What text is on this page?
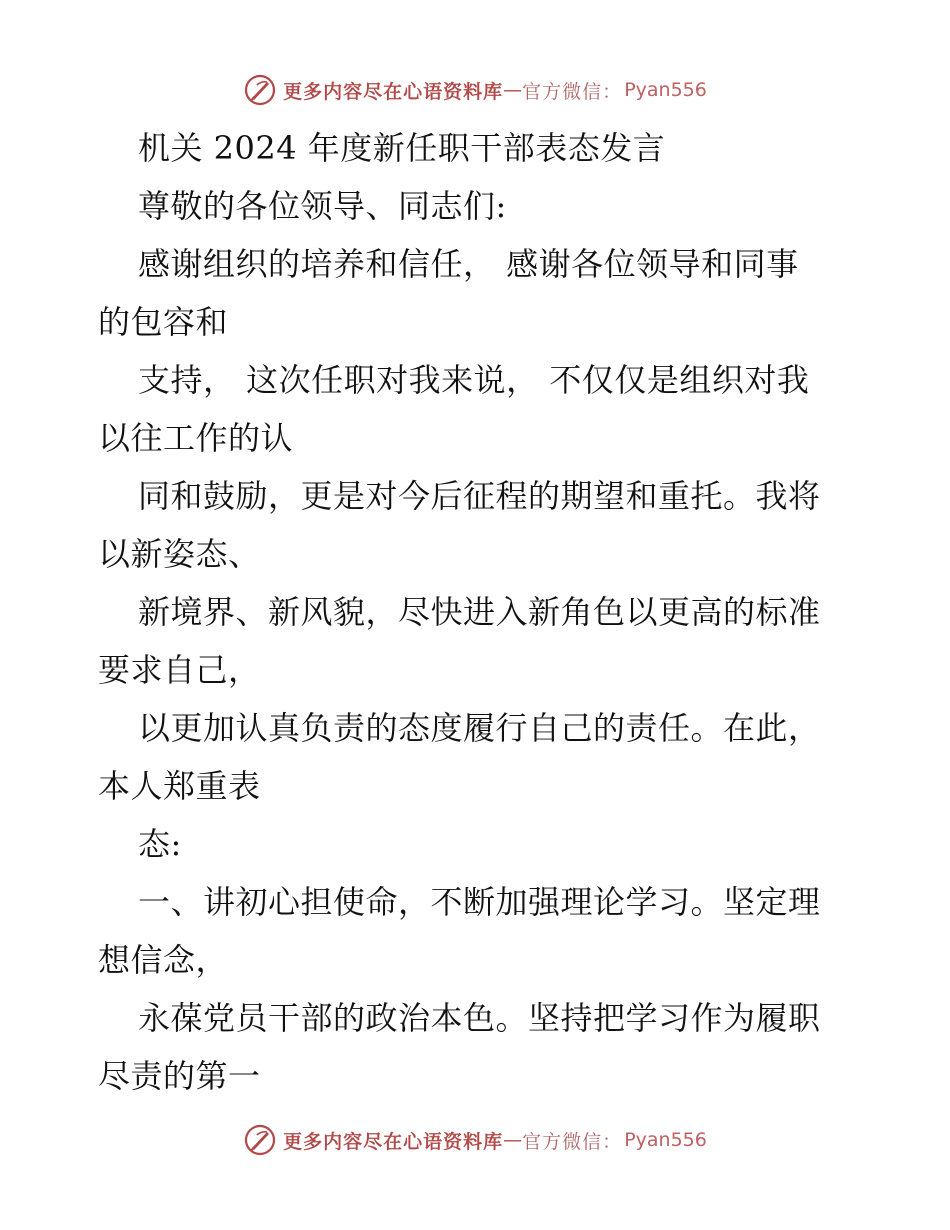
更多内容尽在心语资料库 — 官方微信： Pyan556
机关 2024 年度新任职干部表态发言
尊敬的各位领导、同志们:
感谢组织的培养和信任， 感谢各位领导和同事
的包容和
支持， 这次任职对我来说， 不仅仅是组织对我
以往工作的认
同和鼓励，更是对今后征程的期望和重托。我将
以新姿态、
新境界、新风貌，尽快进入新角色以更高的标准
要求自己，
以更加认真负责的态度履行自己的责任。在此，
本人郑重表
态:
一、讲初心担使命，不断加强理论学习。坚定理
想信念，
永葆党员干部的政治本色。坚持把学习作为履职
尽责的第一
更多内容尽在心语资料库 — 官方微信： Pyan556
